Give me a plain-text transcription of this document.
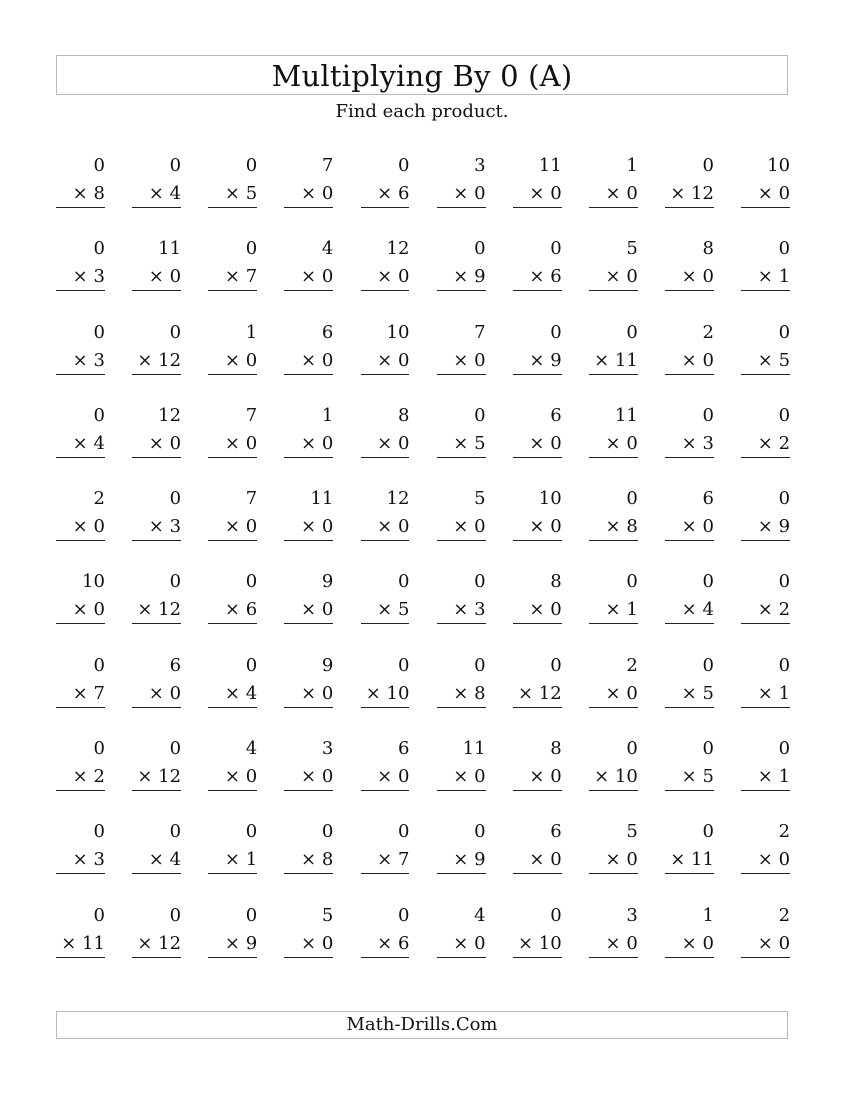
Multiplying By 0 (A)
Find each product.
0
× 8
0
× 4
0
× 5
7
× 0
0
× 6
3
× 0
11
× 0
1
× 0
0
× 12
10
× 0
0
× 3
11
× 0
0
× 7
4
× 0
12
× 0
0
× 9
0
× 6
5
× 0
8
× 0
0
× 1
0
× 3
0
× 12
1
× 0
6
× 0
10
× 0
7
× 0
0
× 9
0
× 11
2
× 0
0
× 5
0
× 4
12
× 0
7
× 0
1
× 0
8
× 0
0
× 5
6
× 0
11
× 0
0
× 3
0
× 2
2
× 0
0
× 3
7
× 0
11
× 0
12
× 0
5
× 0
10
× 0
0
× 8
6
× 0
0
× 9
10
× 0
0
× 12
0
× 6
9
× 0
0
× 5
0
× 3
8
× 0
0
× 1
0
× 4
0
× 2
0
× 7
6
× 0
0
× 4
9
× 0
0
× 10
0
× 8
0
× 12
2
× 0
0
× 5
0
× 1
0
× 2
0
× 12
4
× 0
3
× 0
6
× 0
11
× 0
8
× 0
0
× 10
0
× 5
0
× 1
0
× 3
0
× 4
0
× 1
0
× 8
0
× 7
0
× 9
6
× 0
5
× 0
0
× 11
2
× 0
0
× 11
0
× 12
0
× 9
5
× 0
0
× 6
4
× 0
0
× 10
3
× 0
1
× 0
2
× 0
Math-Drills.Com
